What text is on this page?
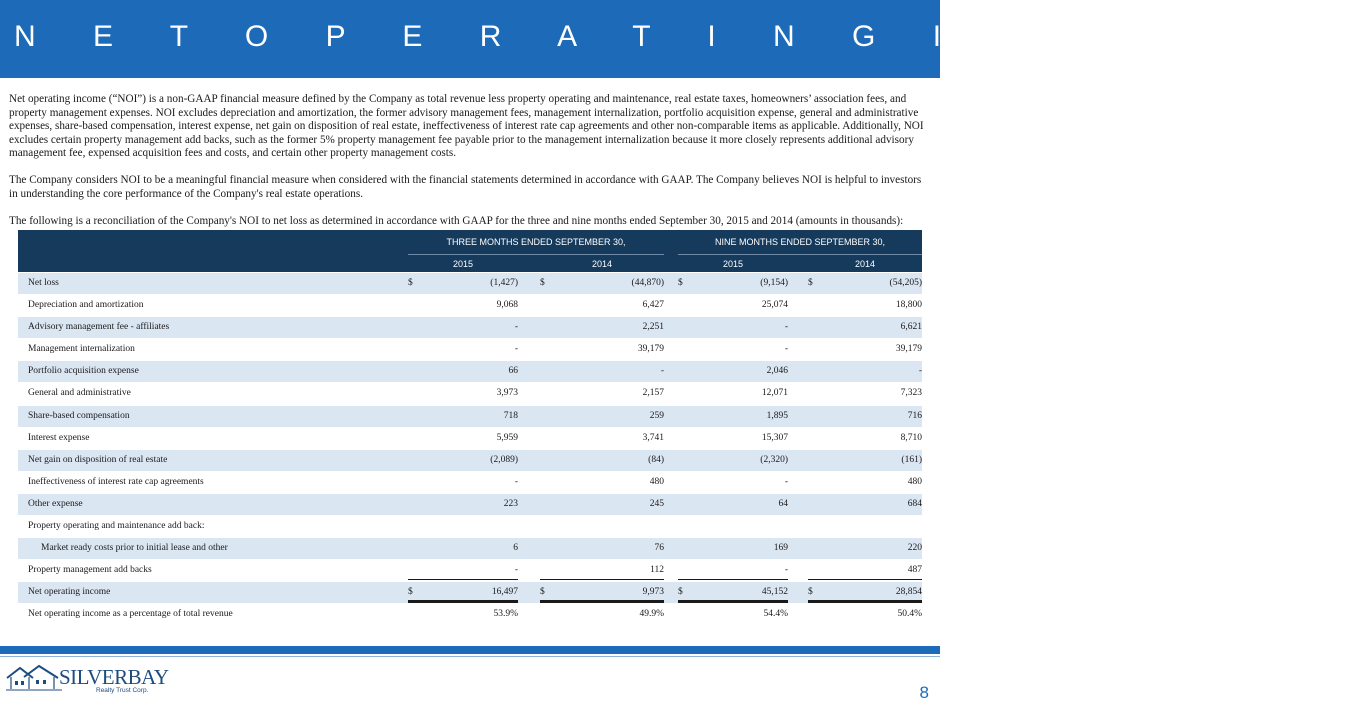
N E T O P E R A T I N G I N C O M E

Net operating income (“NOI”) is a non-GAAP financial measure defined by the Company as total revenue less property operating and maintenance, real estate taxes, homeowners’ association fees, and property management expenses. NOI excludes depreciation and amortization, the former advisory management fees, management internalization, portfolio acquisition expense, general and administrative expenses, share-based compensation, interest expense, net gain on disposition of real estate, ineffectiveness of interest rate cap agreements and other non-comparable items as applicable. Additionally, NOI excludes certain property management add backs, such as the former 5% property management fee payable prior to the management internalization because it more closely represents additional advisory management fee, expensed acquisition fees and costs, and certain other property management costs.

The Company considers NOI to be a meaningful financial measure when considered with the financial statements determined in accordance with GAAP. The Company believes NOI is helpful to investors in understanding the core performance of the Company's real estate operations.

The following is a reconciliation of the Company's NOI to net loss as determined in accordance with GAAP for the three and nine months ended September 30, 2015 and 2014 (amounts in thousands):

THREE MONTHS ENDED SEPTEMBER 30,	NINE MONTHS ENDED SEPTEMBER 30,
2015	2014	2015	2014
Net loss	$	(1,427) $	(44,870) $	(9,154) $	(54,205)
Depreciation and amortization	9,068	6,427	25,074	18,800
Advisory management fee - affiliates	-	2,251	-	6,621
Management internalization	-	39,179	-	39,179
Portfolio acquisition expense	66	-	2,046	-
General and administrative	3,973	2,157	12,071	7,323
Share-based compensation	718	259	1,895	716
Interest expense	5,959	3,741	15,307	8,710
Net gain on disposition of real estate	(2,089)	(84)	(2,320)	(161)
Ineffectiveness of interest rate cap agreements	-	480	-	480
Other expense	223	245	64	684
Property operating and maintenance add back:
Market ready costs prior to initial lease and other	6	76	169	220
Property management add backs	-	112	-	487
Net operating income	$	16,497 $	9,973 $	45,152 $	28,854
Net operating income as a percentage of total revenue	53.9%	49.9%	54.4%	50.4%
SILVERBAY
Realty Trust Corp.	8
